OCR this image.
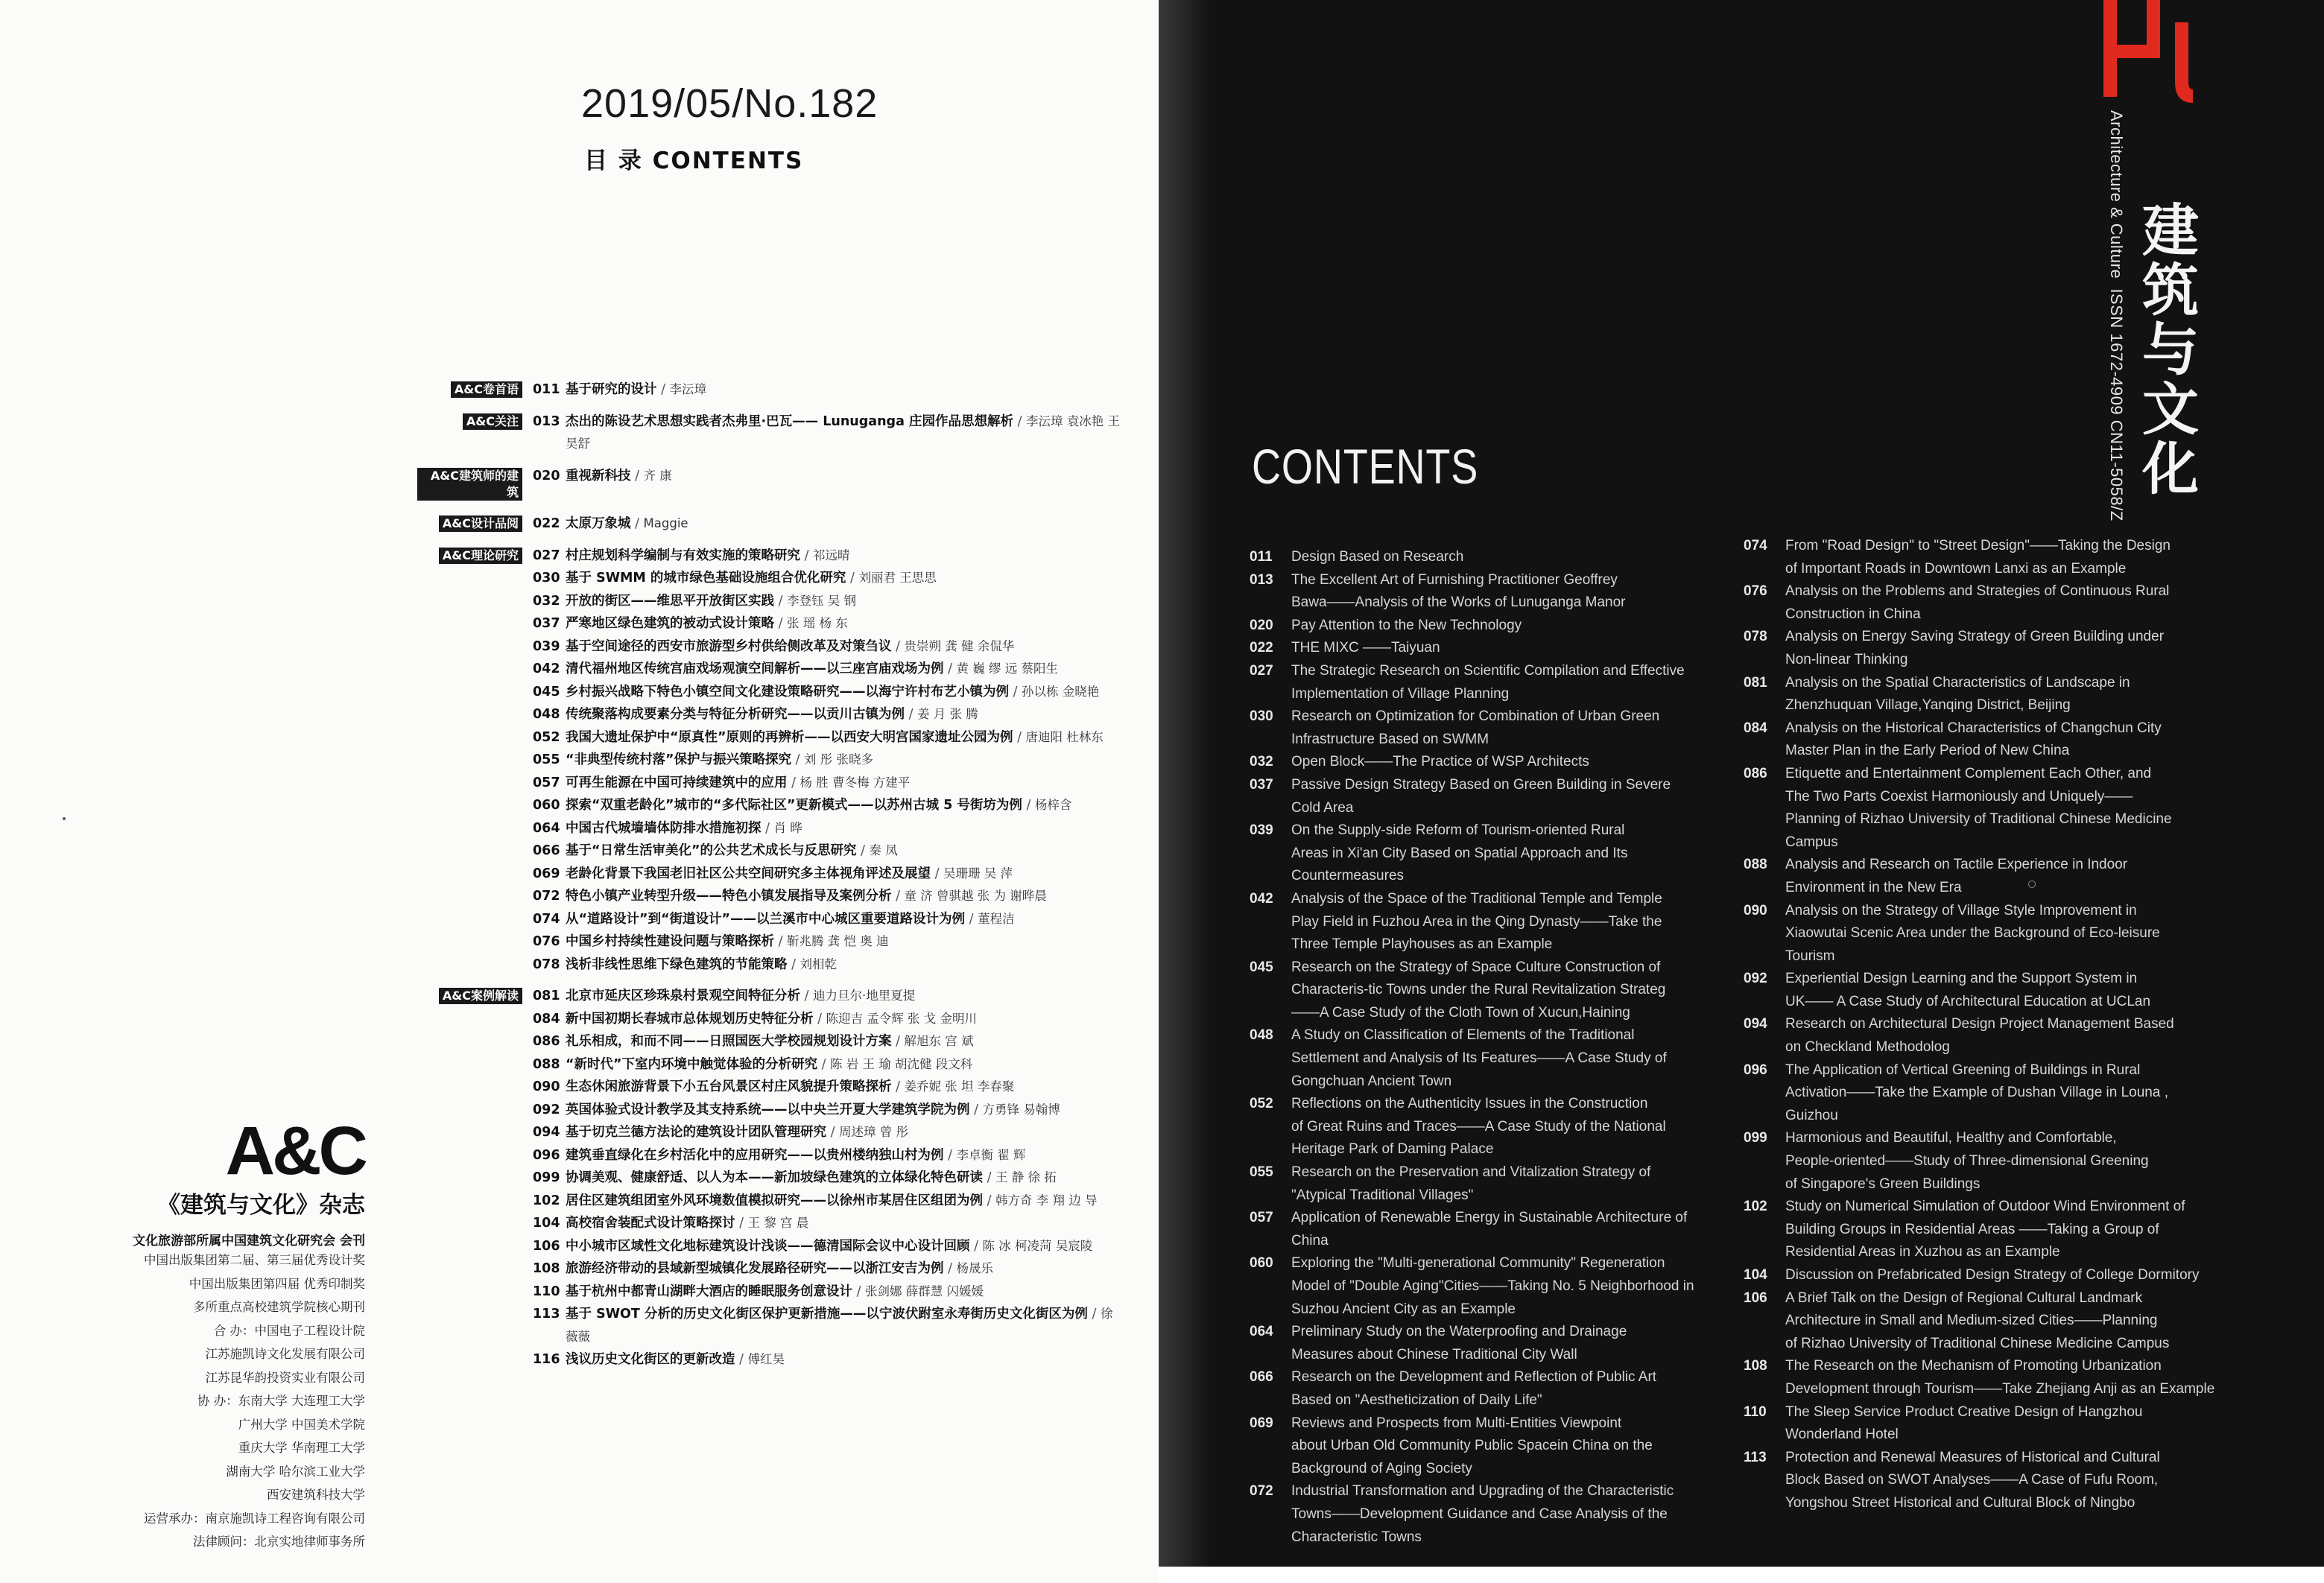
2019/05/No.182
目 录 CONTENTS
A&C卷首语	011 基于研究的设计 / 李沄璋
A&C关注	013 杰出的陈设艺术思想实践者杰弗里·巴瓦—— Lunuganga 庄园作品思想解析 / 李沄璋 袁冰艳 王昊舒
A&C建筑师的建筑
020 重视新科技 / 齐 康
A&C设计品阅	022 太原万象城 / Maggie
A&C理论研究	027 村庄规划科学编制与有效实施的策略研究 / 祁远晴
030 基于 SWMM 的城市绿色基础设施组合优化研究 / 刘丽君 王思思
032 开放的街区——维思平开放街区实践 / 李登钰 吴 钢
037 严寒地区绿色建筑的被动式设计策略 / 张 瑶 杨 东
039 基于空间途径的西安市旅游型乡村供给侧改革及对策刍议 / 贵崇朔 龚 健 余侃华
042 清代福州地区传统宫庙戏场观演空间解析——以三座宫庙戏场为例 / 黄 巍 缪 远 蔡阳生
045 乡村振兴战略下特色小镇空间文化建设策略研究——以海宁许村布艺小镇为例 / 孙以栋 金晓艳
048 传统聚落构成要素分类与特征分析研究——以贡川古镇为例 / 姜 月 张 腾
052 我国大遗址保护中“原真性”原则的再辨析——以西安大明宫国家遗址公园为例 / 唐迪阳 杜林东
055 “非典型传统村落”保护与振兴策略探究 / 刘 彤 张晓多
057 可再生能源在中国可持续建筑中的应用 / 杨 胜 曹冬梅 方建平
060 探索“双重老龄化”城市的“多代际社区”更新模式——以苏州古城 5 号街坊为例 / 杨梓含
064 中国古代城墙墙体防排水措施初探 / 肖 晔
066 基于“日常生活审美化”的公共艺术成长与反思研究 / 秦 凤
069 老龄化背景下我国老旧社区公共空间研究多主体视角评述及展望 / 吴珊珊 吴 萍
072 特色小镇产业转型升级——特色小镇发展指导及案例分析 / 童 济 曾骐越 张 为 谢晔晨
074 从“道路设计”到“街道设计”——以兰溪市中心城区重要道路设计为例 / 董程洁
076 中国乡村持续性建设问题与策略探析 / 靳兆腾 龚 恺 奥 迪
078 浅析非线性思维下绿色建筑的节能策略 / 刘相乾
A&C案例解读	081 北京市延庆区珍珠泉村景观空间特征分析 / 迪力旦尔·地里夏提
084 新中国初期长春城市总体规划历史特征分析 / 陈迎吉 孟令辉 张 戈 金明川
086 礼乐相成，和而不同——日照国医大学校园规划设计方案 / 解旭东 宫 斌
088 “新时代”下室内环境中触觉体验的分析研究 / 陈 岩 王 瑜 胡沈健 段文科
090 生态休闲旅游背景下小五台风景区村庄风貌提升策略探析 / 姜乔妮 张 坦 李春聚
092 英国体验式设计教学及其支持系统——以中央兰开夏大学建筑学院为例 / 方勇锋 易翰博
094 基于切克兰德方法论的建筑设计团队管理研究 / 周述璋 曾 彤
096 建筑垂直绿化在乡村活化中的应用研究——以贵州楼纳独山村为例 / 李卓衡 翟 辉
099 协调美观、健康舒适、以人为本——新加坡绿色建筑的立体绿化特色研读 / 王 静 徐 拓
102 居住区建筑组团室外风环境数值模拟研究——以徐州市某居住区组团为例 / 韩方奇 李 翔 边 导
104 高校宿舍装配式设计策略探讨 / 王 黎 宫 晨
106 中小城市区域性文化地标建筑设计浅谈——德清国际会议中心设计回顾 / 陈 冰 柯凌菏 吴宸陵
108 旅游经济带动的县域新型城镇化发展路径研究——以浙江安吉为例 / 杨晟乐
110 基于杭州中都青山湖畔大酒店的睡眠服务创意设计 / 张剑娜 薛群慧 闪媛媛
113 基于 SWOT 分析的历史文化街区保护更新措施——以宁波伏跗室永寿街历史文化街区为例 / 徐薇薇
116 浅议历史文化街区的更新改造 / 傅红昊
A&C
《建筑与文化》杂志
文化旅游部所属中国建筑文化研究会 会刊
中国出版集团第二届、第三届优秀设计奖
中国出版集团第四届 优秀印制奖
多所重点高校建筑学院核心期刊
合 办：中国电子工程设计院
江苏施凯诗文化发展有限公司
江苏昆华韵投资实业有限公司
协 办：东南大学 大连理工大学
广州大学 中国美术学院
重庆大学 华南理工大学
湖南大学 哈尔滨工业大学
西安建筑科技大学
运营承办：南京施凯诗工程咨询有限公司
法律顾问：北京实地律师事务所
CONTENTS
011	Design Based on Research
013	The Excellent Art of Furnishing Practitioner Geoffrey
Bawa——Analysis of the Works of Lunuganga Manor
020	Pay Attention to the New Technology
022	THE MIXC ——Taiyuan
027	The Strategic Research on Scientific Compilation and Effective
Implementation of Village Planning
030	Research on Optimization for Combination of Urban Green
Infrastructure Based on SWMM
032	Open Block——The Practice of WSP Architects
037	Passive Design Strategy Based on Green Building in Severe
Cold Area
039	On the Supply-side Reform of Tourism-oriented Rural
Areas in Xi'an City Based on Spatial Approach and Its
Countermeasures
042	Analysis of the Space of the Traditional Temple and Temple
Play Field in Fuzhou Area in the Qing Dynasty——Take the
Three Temple Playhouses as an Example
045	Research on the Strategy of Space Culture Construction of
Characteris-tic Towns under the Rural Revitalization Strateg
——A Case Study of the Cloth Town of Xucun,Haining
048	A Study on Classification of Elements of the Traditional
Settlement and Analysis of Its Features——A Case Study of
Gongchuan Ancient Town
052	Reflections on the Authenticity Issues in the Construction
of Great Ruins and Traces——A Case Study of the National
Heritage Park of Daming Palace
055	Research on the Preservation and Vitalization Strategy of
"Atypical Traditional Villages"
057	Application of Renewable Energy in Sustainable Architecture of
China
060	Exploring the "Multi-generational Community" Regeneration
Model of "Double Aging"Cities——Taking No. 5 Neighborhood in
Suzhou Ancient City as an Example
064	Preliminary Study on the Waterproofing and Drainage
Measures about Chinese Traditional City Wall
066	Research on the Development and Reflection of Public Art
Based on "Aestheticization of Daily Life"
069	Reviews and Prospects from Multi-Entities Viewpoint
about Urban Old Community Public Spacein China on the
Background of Aging Society
072	Industrial Transformation and Upgrading of the Characteristic
Towns——Development Guidance and Case Analysis of the
Characteristic Towns
074	From "Road Design" to "Street Design"——Taking the Design
of Important Roads in Downtown Lanxi as an Example
076	Analysis on the Problems and Strategies of Continuous Rural
Construction in China
078	Analysis on Energy Saving Strategy of Green Building under
Non-linear Thinking
081	Analysis on the Spatial Characteristics of Landscape in
Zhenzhuquan Village,Yanqing District, Beijing
084	Analysis on the Historical Characteristics of Changchun City
Master Plan in the Early Period of New China
086	Etiquette and Entertainment Complement Each Other, and
The Two Parts Coexist Harmoniously and Uniquely——
Planning of Rizhao University of Traditional Chinese Medicine
Campus
088	Analysis and Research on Tactile Experience in Indoor
Environment in the New Era
090	Analysis on the Strategy of Village Style Improvement in
Xiaowutai Scenic Area under the Background of Eco-leisure
Tourism
092	Experiential Design Learning and the Support System in
UK—— A Case Study of Architectural Education at UCLan
094	Research on Architectural Design Project Management Based
on Checkland Methodolog
096	The Application of Vertical Greening of Buildings in Rural
Activation——Take the Example of Dushan Village in Louna ,
Guizhou
099	Harmonious and Beautiful, Healthy and Comfortable,
People-oriented——Study of Three-dimensional Greening
of Singapore's Green Buildings
102	Study on Numerical Simulation of Outdoor Wind Environment of
Building Groups in Residential Areas ——Taking a Group of
Residential Areas in Xuzhou as an Example
104	Discussion on Prefabricated Design Strategy of College Dormitory
106	A Brief Talk on the Design of Regional Cultural Landmark
Architecture in Small and Medium-sized Cities——Planning
of Rizhao University of Traditional Chinese Medicine Campus
108	The Research on the Mechanism of Promoting Urbanization
Development through Tourism——Take Zhejiang Anji as an Example
110	The Sleep Service Product Creative Design of Hangzhou
Wonderland Hotel
113	Protection and Renewal Measures of Historical and Cultural
Block Based on SWOT Analyses——A Case of Fufu Room,
Yongshou Street Historical and Cultural Block of Ningbo
Architecture & Culture  ISSN 1672-4909 CN11-5058/Z
建
筑
与
文
化
